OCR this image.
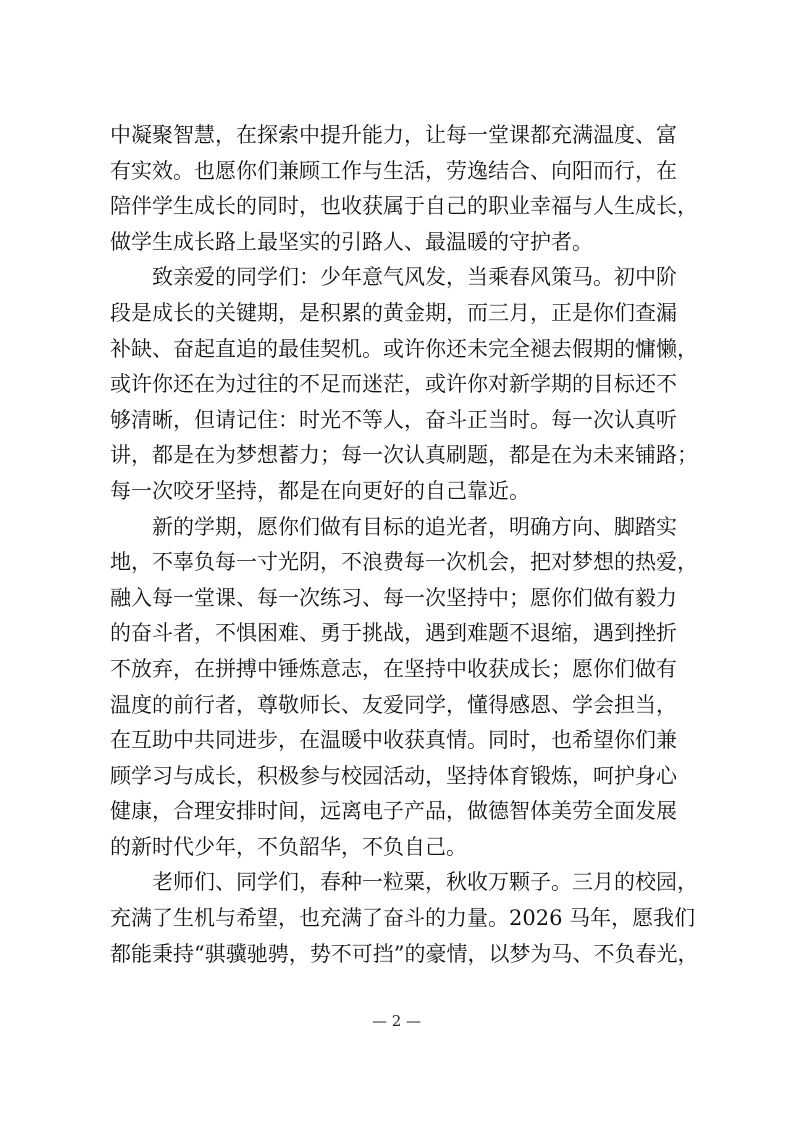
中凝聚智慧，在探索中提升能力，让每一堂课都充满温度、富
有实效。也愿你们兼顾工作与生活，劳逸结合、向阳而行，在
陪伴学生成长的同时，也收获属于自己的职业幸福与人生成长，
做学生成长路上最坚实的引路人、最温暖的守护者。

　　致亲爱的同学们：少年意气风发，当乘春风策马。初中阶
段是成长的关键期，是积累的黄金期，而三月，正是你们查漏
补缺、奋起直追的最佳契机。或许你还未完全褪去假期的慵懒，
或许你还在为过往的不足而迷茫，或许你对新学期的目标还不
够清晰，但请记住：时光不等人，奋斗正当时。每一次认真听
讲，都是在为梦想蓄力；每一次认真刷题，都是在为未来铺路；
每一次咬牙坚持，都是在向更好的自己靠近。

　　新的学期，愿你们做有目标的追光者，明确方向、脚踏实
地，不辜负每一寸光阴，不浪费每一次机会，把对梦想的热爱，
融入每一堂课、每一次练习、每一次坚持中；愿你们做有毅力
的奋斗者，不惧困难、勇于挑战，遇到难题不退缩，遇到挫折
不放弃，在拼搏中锤炼意志，在坚持中收获成长；愿你们做有
温度的前行者，尊敬师长、友爱同学，懂得感恩、学会担当，
在互助中共同进步，在温暖中收获真情。同时，也希望你们兼
顾学习与成长，积极参与校园活动，坚持体育锻炼，呵护身心
健康，合理安排时间，远离电子产品，做德智体美劳全面发展
的新时代少年，不负韶华，不负自己。

　　老师们、同学们，春种一粒粟，秋收万颗子。三月的校园，
充满了生机与希望，也充满了奋斗的力量。2026 马年，愿我们
都能秉持“骐骥驰骋，势不可挡”的豪情，以梦为马、不负春光，

— 2 —
